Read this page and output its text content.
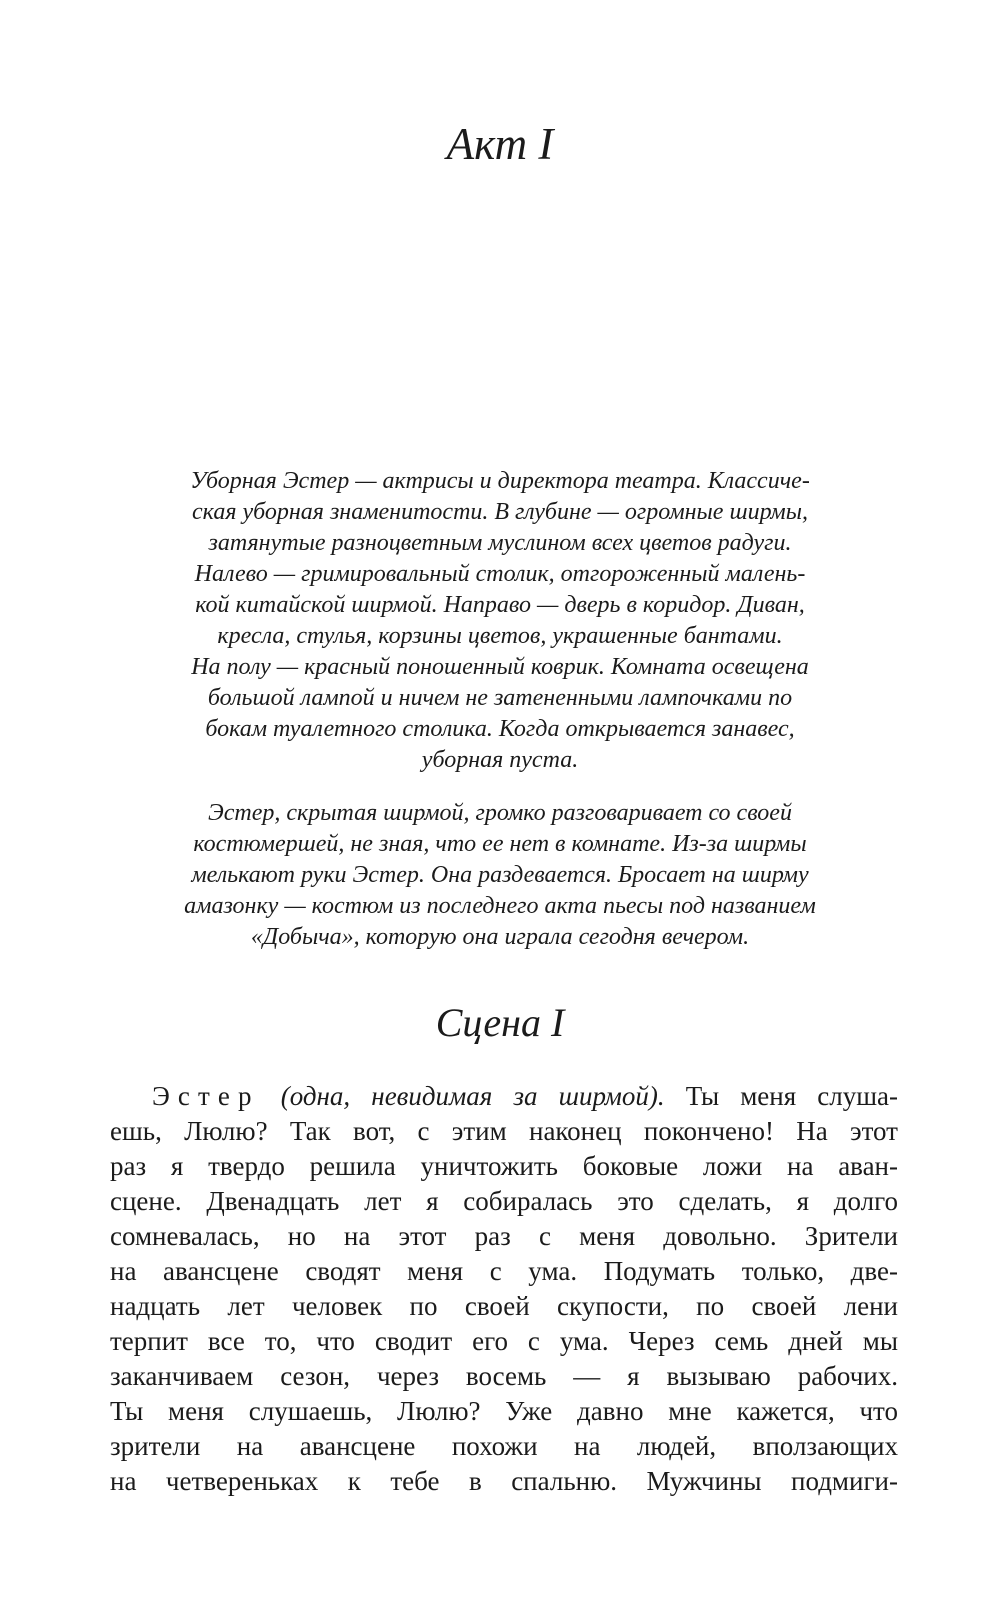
Акт I
Уборная Эстер — актрисы и директора театра. Классиче-
ская уборная знаменитости. В глубине — огромные ширмы,
затянутые разноцветным муслином всех цветов радуги.
Налево — гримировальный столик, отгороженный малень-
кой китайской ширмой. Направо — дверь в коридор. Диван,
кресла, стулья, корзины цветов, украшенные бантами.
На полу — красный поношенный коврик. Комната освещена
большой лампой и ничем не затененными лампочками по
бокам туалетного столика. Когда открывается занавес,
уборная пуста.
Эстер, скрытая ширмой, громко разговаривает со своей
костюмершей, не зная, что ее нет в комнате. Из-за ширмы
мелькают руки Эстер. Она раздевается. Бросает на ширму
амазонку — костюм из последнего акта пьесы под названием
«Добыча», которую она играла сегодня вечером.
Сцена I
Эстер (одна, невидимая за ширмой). Ты меня слуша-
ешь, Люлю? Так вот, с этим наконец покончено! На этот
раз я твердо решила уничтожить боковые ложи на аван-
сцене. Двенадцать лет я собиралась это сделать, я долго
сомневалась, но на этот раз с меня довольно. Зрители
на авансцене сводят меня с ума. Подумать только, две-
надцать лет человек по своей скупости, по своей лени
терпит все то, что сводит его с ума. Через семь дней мы
заканчиваем сезон, через восемь — я вызываю рабочих.
Ты меня слушаешь, Люлю? Уже давно мне кажется, что
зрители на авансцене похожи на людей, вползающих
на четвереньках к тебе в спальню. Мужчины подмиги-
